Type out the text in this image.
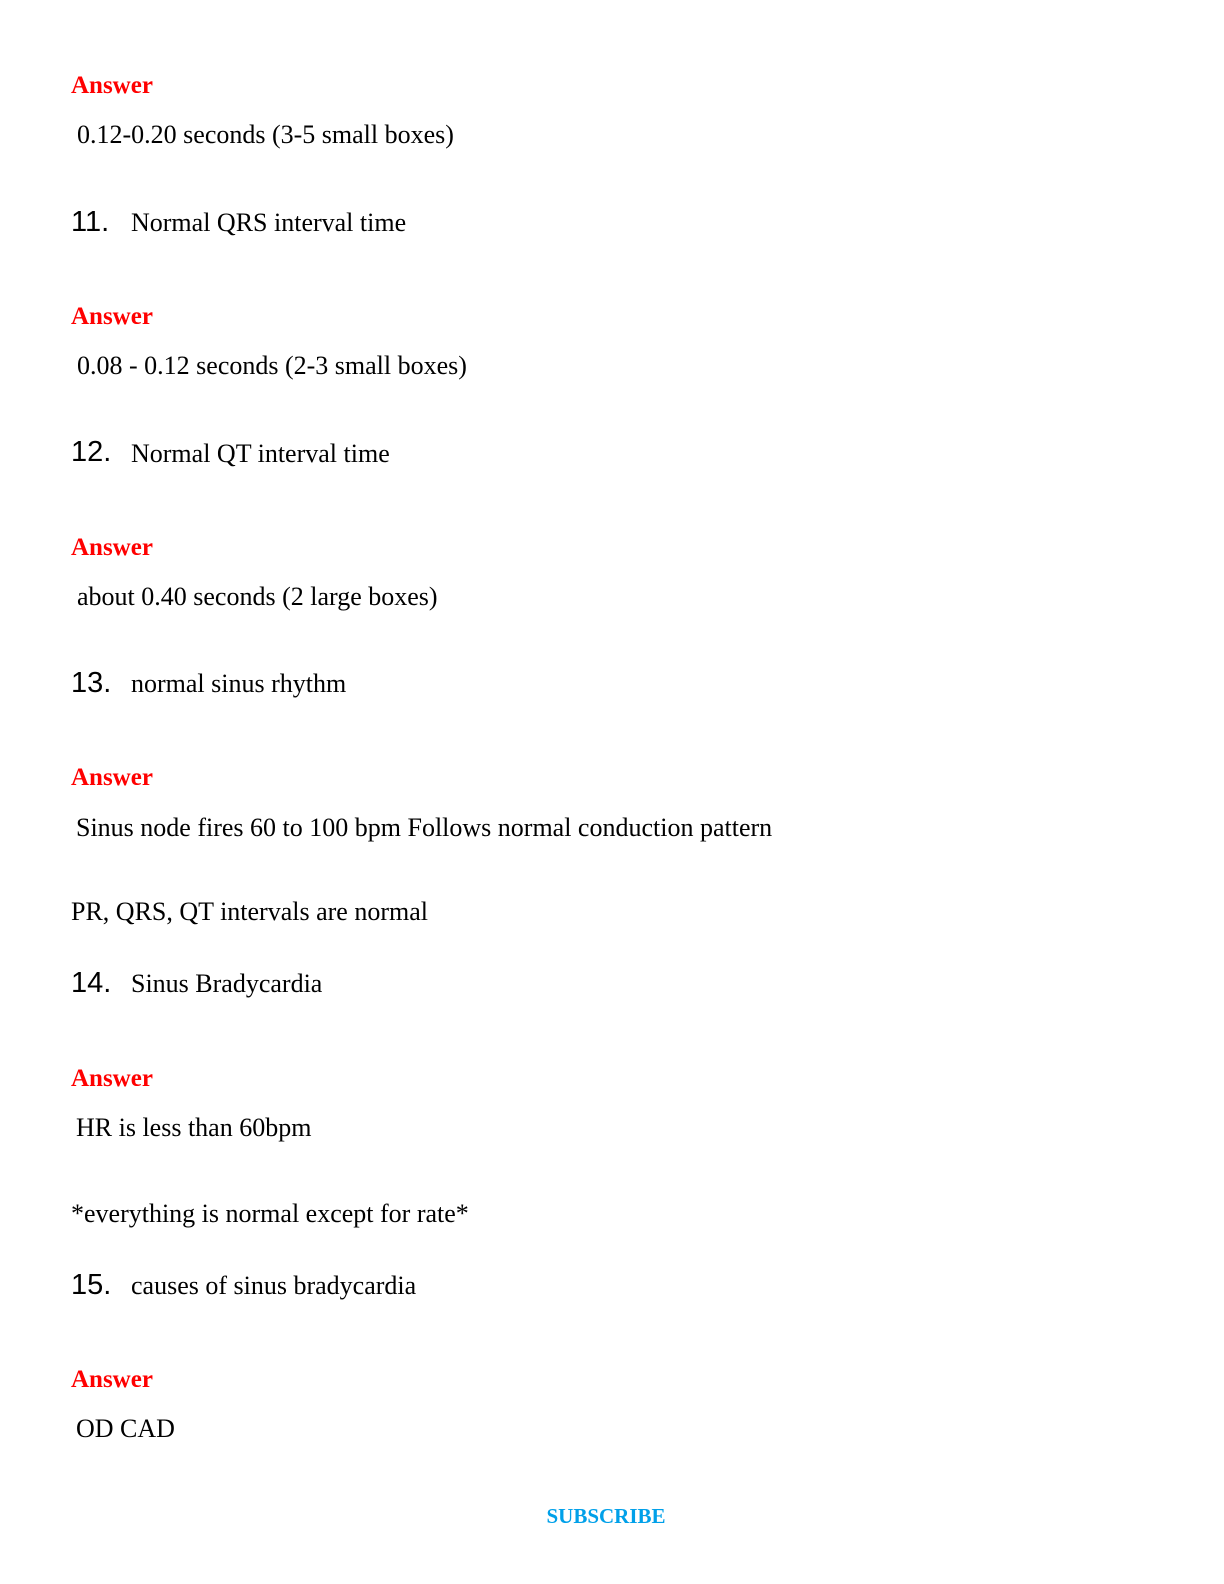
Answer
0.12-0.20 seconds (3-5 small boxes)
11. Normal QRS interval time
Answer
0.08 - 0.12 seconds (2-3 small boxes)
12. Normal QT interval time
Answer
about 0.40 seconds (2 large boxes)
13. normal sinus rhythm
Answer
Sinus node fires 60 to 100 bpm Follows normal conduction pattern
PR, QRS, QT intervals are normal
14. Sinus Bradycardia
Answer
HR is less than 60bpm
*everything is normal except for rate*
15. causes of sinus bradycardia
Answer
OD CAD
SUBSCRIBE
